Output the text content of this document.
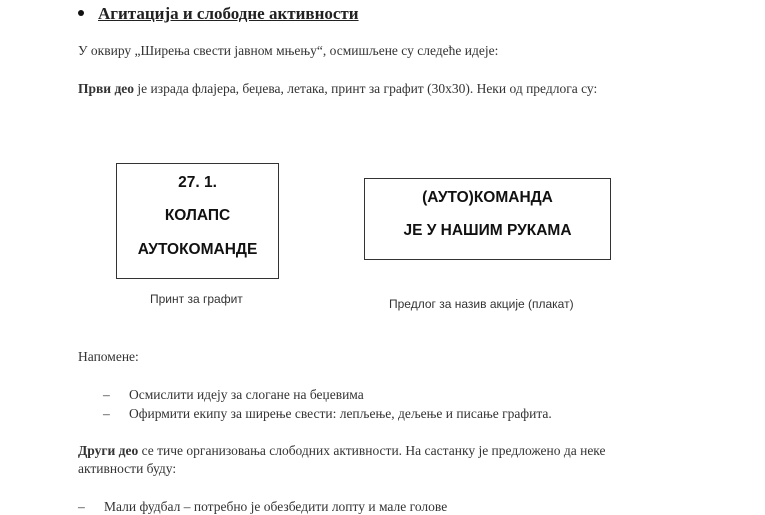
Агитација и слободне активности
У оквиру „Ширења свести јавном мњењу“, осмишљене су следеће идеје:
Први део је израда флајера, беџева, летака, принт за графит (30x30). Неки од предлога су:
27. 1.
КОЛАПС
АУТОКОМАНДЕ
(АУТО)КОМАНДА
ЈЕ У НАШИМ РУКАМА
Принт за графит	Предлог за назив акције (плакат)
Напомене:
– Осмислити идеју за слогане на беџевима
– Офирмити екипу за ширење свести: лепљење, дељење и писање графита.
Други део се тиче организовања слободних активности. На састанку је предложено да неке
активности буду:
– Мали фудбал – потребно је обезбедити лопту и мале голове
